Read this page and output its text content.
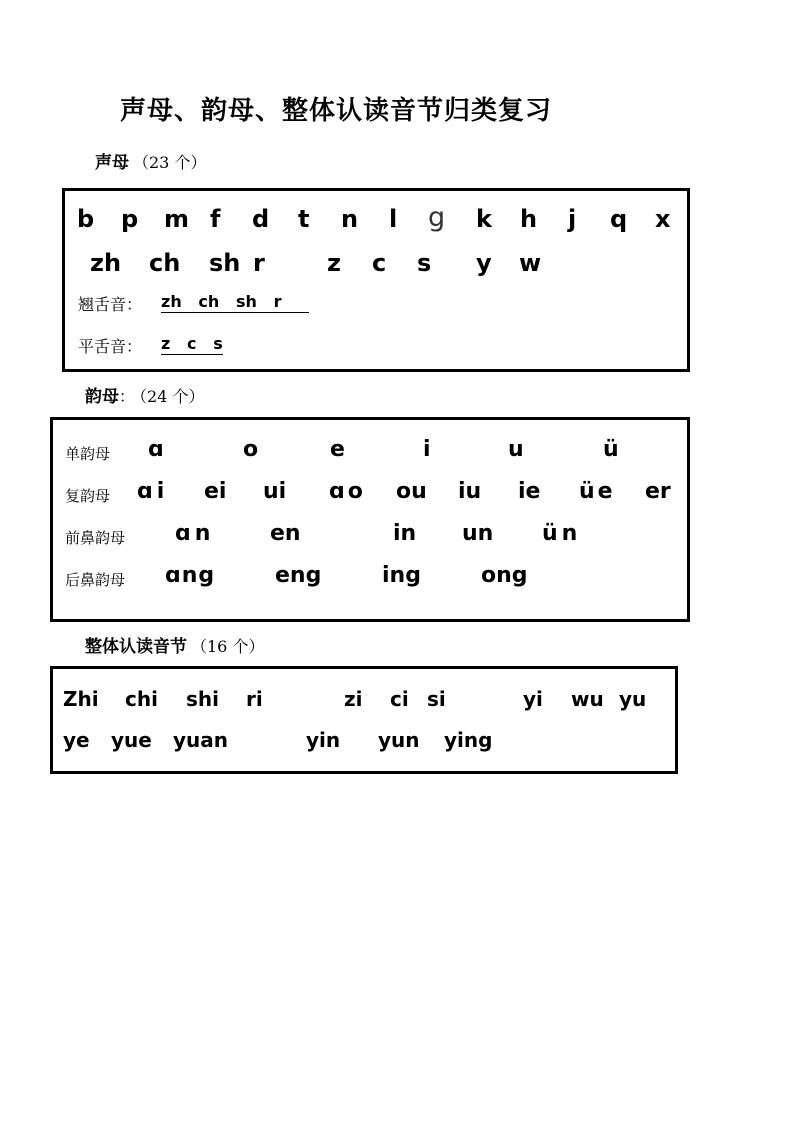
声母、韵母、整体认读音节归类复习
声母 （23 个）
b p m f d t n l g k h j q x
zh ch sh r	z c s y w
翘舌音： zh   ch   sh   r
平舌音： z   c   s
韵母： （24 个）
单韵母 ɑ	o	e	i	u	ü
复韵母 ɑi ei ui ɑo ou iu ie üe er
前鼻韵母 ɑn	en	in un ün
后鼻韵母 ɑng	eng	ing	ong
整体认读音节 （16 个）
Zhi chi shi ri	zi ci si	yi wu yu
ye yue yuan	yin yun ying
